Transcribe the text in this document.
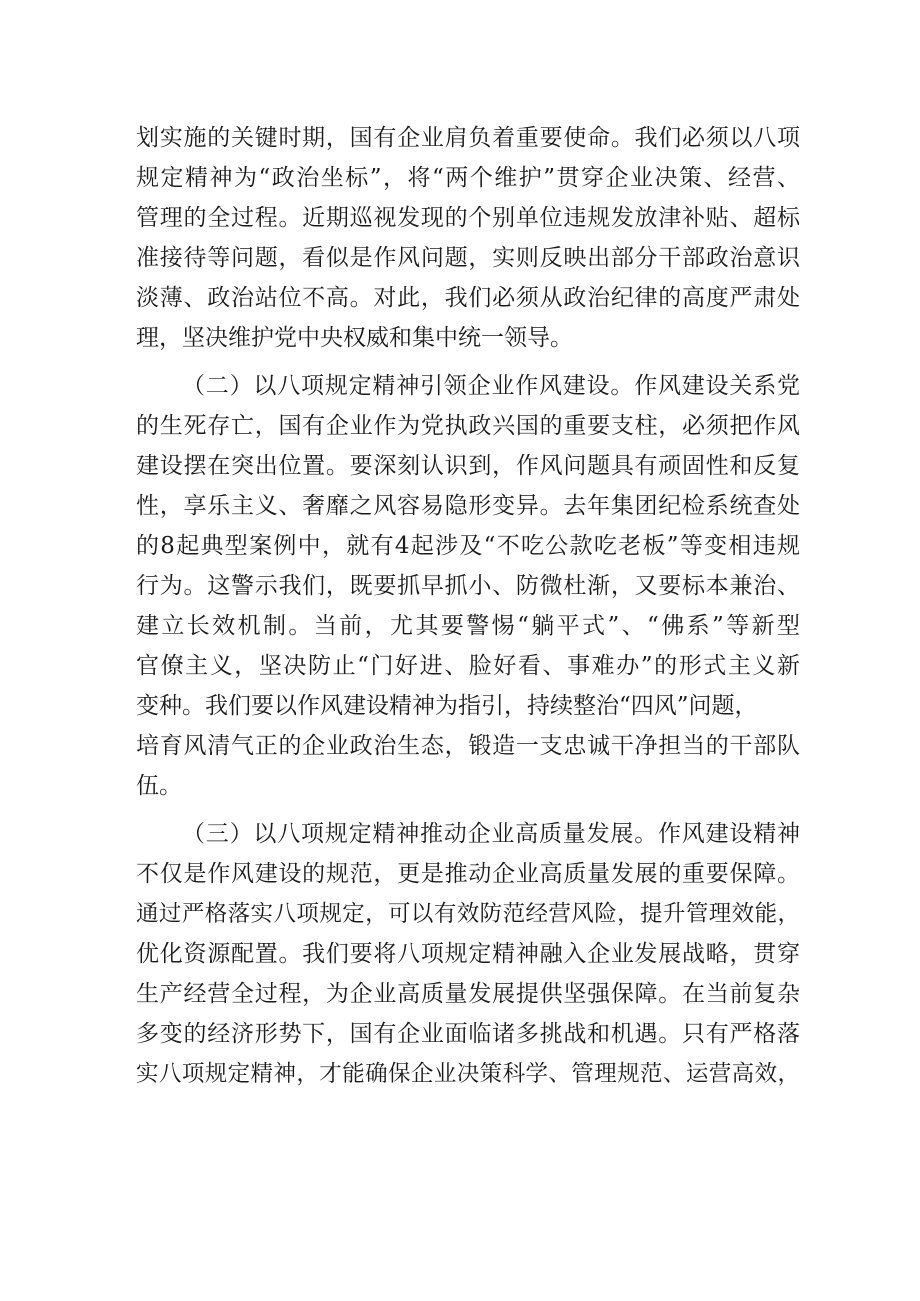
划实施的关键时期，国有企业肩负着重要使命。我们必须以八项
规定精神为“政治坐标”，将“两个维护”贯穿企业决策、经营、
管理的全过程。近期巡视发现的个别单位违规发放津补贴、超标
准接待等问题，看似是作风问题，实则反映出部分干部政治意识
淡薄、政治站位不高。对此，我们必须从政治纪律的高度严肃处
理，坚决维护党中央权威和集中统一领导。
（二）以八项规定精神引领企业作风建设。作风建设关系党
的生死存亡，国有企业作为党执政兴国的重要支柱，必须把作风
建设摆在突出位置。要深刻认识到，作风问题具有顽固性和反复
性，享乐主义、奢靡之风容易隐形变异。去年集团纪检系统查处
的8起典型案例中，就有4起涉及“不吃公款吃老板”等变相违规
行为。这警示我们，既要抓早抓小、防微杜渐，又要标本兼治、
建立长效机制。当前，尤其要警惕“躺平式”、“佛系”等新型
官僚主义，坚决防止“门好进、脸好看、事难办”的形式主义新
变种。我们要以作风建设精神为指引，持续整治“四风”问题，
培育风清气正的企业政治生态，锻造一支忠诚干净担当的干部队
伍。
（三）以八项规定精神推动企业高质量发展。作风建设精神
不仅是作风建设的规范，更是推动企业高质量发展的重要保障。
通过严格落实八项规定，可以有效防范经营风险，提升管理效能，
优化资源配置。我们要将八项规定精神融入企业发展战略，贯穿
生产经营全过程，为企业高质量发展提供坚强保障。在当前复杂
多变的经济形势下，国有企业面临诸多挑战和机遇。只有严格落
实八项规定精神，才能确保企业决策科学、管理规范、运营高效，
